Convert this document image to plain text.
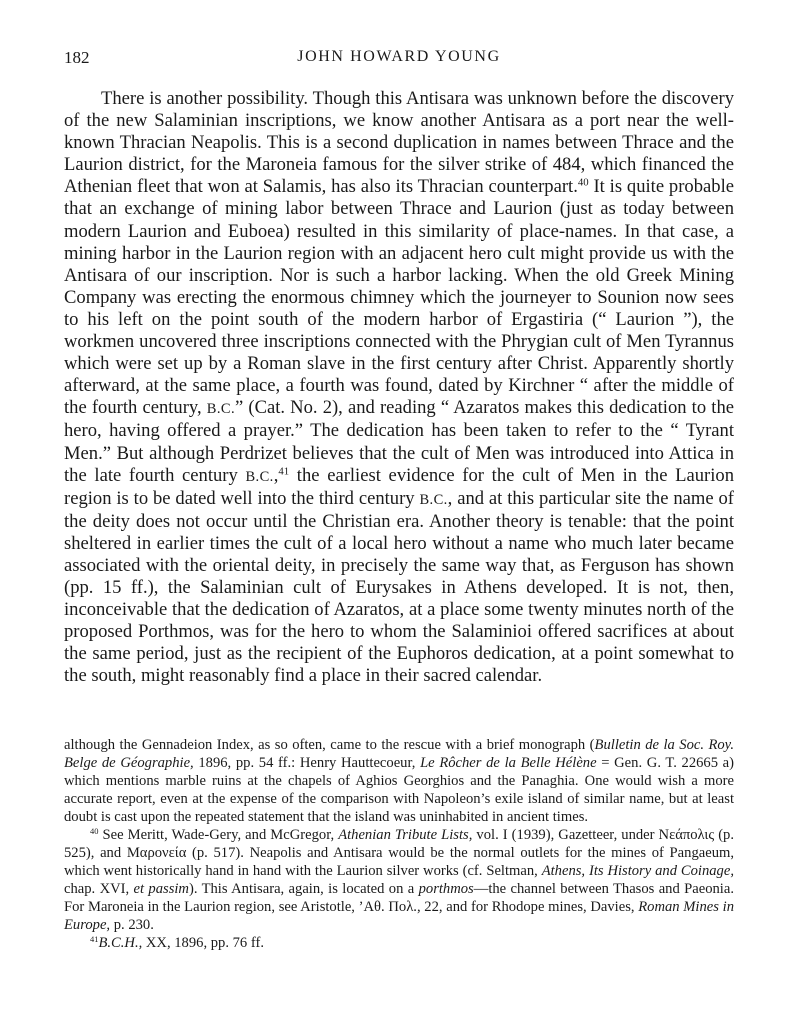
182	JOHN HOWARD YOUNG

There is another possibility. Though this Antisara was unknown before the discovery of the new Salaminian inscriptions, we know another Antisara as a port near the well-known Thracian Neapolis. This is a second duplication in names between Thrace and the Laurion district, for the Maroneia famous for the silver strike of 484, which financed the Athenian fleet that won at Salamis, has also its Thracian counterpart.$^{40}$ It is quite probable that an exchange of mining labor between Thrace and Laurion (just as today between modern Laurion and Euboea) resulted in this similarity of place-names. In that case, a mining harbor in the Laurion region with an adjacent hero cult might provide us with the Antisara of our inscription. Nor is such a harbor lacking. When the old Greek Mining Company was erecting the enormous chimney which the journeyer to Sounion now sees to his left on the point south of the modern harbor of Ergastiria (“ Laurion ”), the workmen uncovered three inscriptions connected with the Phrygian cult of Men Tyrannus which were set up by a Roman slave in the first century after Christ. Apparently shortly afterward, at the same place, a fourth was found, dated by Kirchner “ after the middle of the fourth century, B.C.” (Cat. No. 2), and reading “ Azaratos makes this dedication to the hero, having offered a prayer.” The dedication has been taken to refer to the “ Tyrant Men.” But although Perdrizet believes that the cult of Men was introduced into Attica in the late fourth century B.C.,$^{41}$ the earliest evidence for the cult of Men in the Laurion region is to be dated well into the third century B.C., and at this particular site the name of the deity does not occur until the Christian era. Another theory is tenable: that the point sheltered in earlier times the cult of a local hero without a name who much later became associated with the oriental deity, in precisely the same way that, as Ferguson has shown (pp. 15 ff.), the Salaminian cult of Eurysakes in Athens developed. It is not, then, inconceivable that the dedication of Azaratos, at a place some twenty minutes north of the proposed Porthmos, was for the hero to whom the Salaminioi offered sacrifices at about the same period, just as the recipient of the Euphoros dedication, at a point somewhat to the south, might reasonably find a place in their sacred calendar.

although the Gennadeion Index, as so often, came to the rescue with a brief monograph (Bulletin de la Soc. Roy. Belge de Géographie, 1896, pp. 54 ff.: Henry Hauttecoeur, Le Rôcher de la Belle Hélène = Gen. G. T. 22665 a) which mentions marble ruins at the chapels of Aghios Georghios and the Panaghia. One would wish a more accurate report, even at the expense of the comparison with Napoleon’s exile island of similar name, but at least doubt is cast upon the repeated statement that the island was uninhabited in ancient times.

$^{40}$ See Meritt, Wade-Gery, and McGregor, Athenian Tribute Lists, vol. I (1939), Gazetteer, under Νεάπολις (p. 525), and Μαρονεία (p. 517). Neapolis and Antisara would be the normal outlets for the mines of Pangaeum, which went historically hand in hand with the Laurion silver works (cf. Seltman, Athens, Its History and Coinage, chap. XVI, et passim). This Antisara, again, is located on a porthmos—the channel between Thasos and Paeonia. For Maroneia in the Laurion region, see Aristotle, ’Αθ. Πολ., 22, and for Rhodope mines, Davies, Roman Mines in Europe, p. 230.

$^{41}$B.C.H., XX, 1896, pp. 76 ff.
